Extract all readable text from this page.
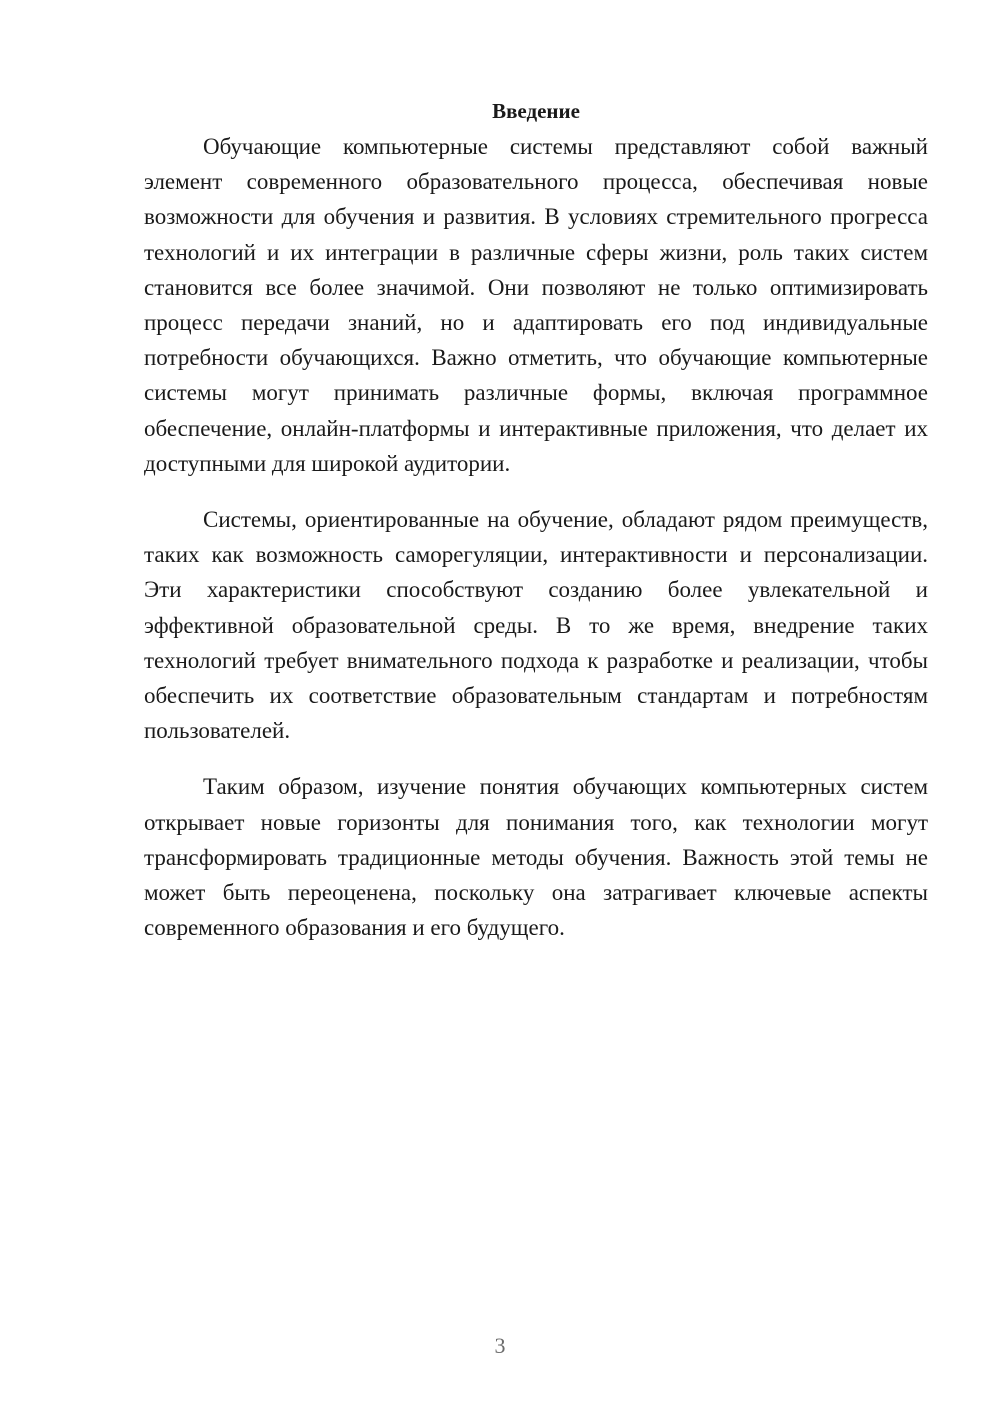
Введение

Обучающие компьютерные системы представляют собой важный элемент современного образовательного процесса, обеспечивая новые возможности для обучения и развития. В условиях стремительного прогресса технологий и их интеграции в различные сферы жизни, роль таких систем становится все более значимой. Они позволяют не только оптимизировать процесс передачи знаний, но и адаптировать его под индивидуальные потребности обучающихся. Важно отметить, что обучающие компьютерные системы могут принимать различные формы, включая программное обеспечение, онлайн-платформы и интерактивные приложения, что делает их доступными для широкой аудитории.

Системы, ориентированные на обучение, обладают рядом преимуществ, таких как возможность саморегуляции, интерактивности и персонализации. Эти характеристики способствуют созданию более увлекательной и эффективной образовательной среды. В то же время, внедрение таких технологий требует внимательного подхода к разработке и реализации, чтобы обеспечить их соответствие образовательным стандартам и потребностям пользователей.

Таким образом, изучение понятия обучающих компьютерных систем открывает новые горизонты для понимания того, как технологии могут трансформировать традиционные методы обучения. Важность этой темы не может быть переоценена, поскольку она затрагивает ключевые аспекты современного образования и его будущего.

3
